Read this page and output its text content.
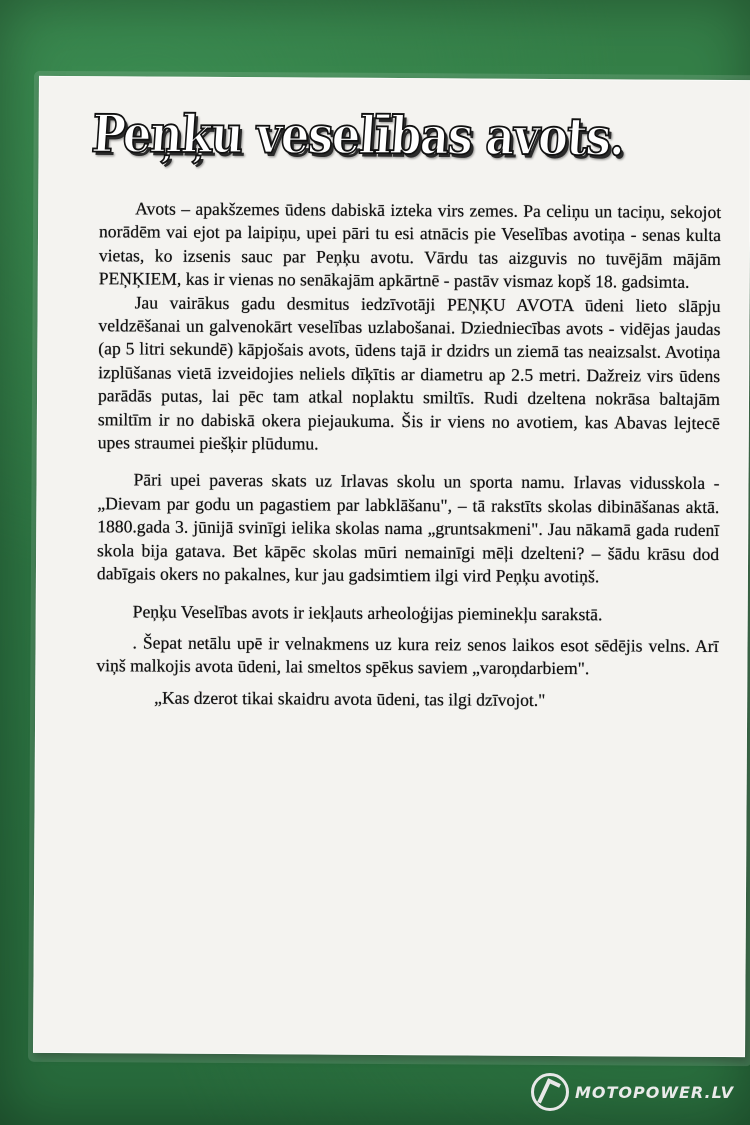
Peņķu veselības avots.

Avots – apakšzemes ūdens dabiskā izteka virs zemes. Pa celiņu un taciņu, sekojot norādēm vai ejot pa laipiņu, upei pāri tu esi atnācis pie Veselības avotiņa - senas kulta vietas, ko izsenis sauc par Peņķu avotu. Vārdu tas aizguvis no tuvējām mājām PEŅĶIEM, kas ir vienas no senākajām apkārtnē - pastāv vismaz kopš 18. gadsimta.

Jau vairākus gadu desmitus iedzīvotāji PEŅĶU AVOTA ūdeni lieto slāpju veldzēšanai un galvenokārt veselības uzlabošanai. Dziedniecības avots - vidējas jaudas (ap 5 litri sekundē) kāpjošais avots, ūdens tajā ir dzidrs un ziemā tas neaizsalst. Avotiņa izplūšanas vietā izveidojies neliels dīķītis ar diametru ap 2.5 metri. Dažreiz virs ūdens parādās putas, lai pēc tam atkal noplaktu smiltīs. Rudi dzeltena nokrāsa baltajām smiltīm ir no dabiskā okera piejaukuma. Šis ir viens no avotiem, kas Abavas lejtecē upes straumei piešķir plūdumu.

Pāri upei paveras skats uz Irlavas skolu un sporta namu. Irlavas vidusskola - „Dievam par godu un pagastiem par labklāšanu", – tā rakstīts skolas dibināšanas aktā. 1880.gada 3. jūnijā svinīgi ielika skolas nama „gruntsakmeni". Jau nākamā gada rudenī skola bija gatava. Bet kāpēc skolas mūri nemainīgi mēļi dzelteni? – šādu krāsu dod dabīgais okers no pakalnes, kur jau gadsimtiem ilgi vird Peņķu avotiņš.

Peņķu Veselības avots ir iekļauts arheoloģijas pieminekļu sarakstā.

. Šepat netālu upē ir velnakmens uz kura reiz senos laikos esot sēdējis velns. Arī viņš malkojis avota ūdeni, lai smeltos spēkus saviem „varoņdarbiem".

„Kas dzerot tikai skaidru avota ūdeni, tas ilgi dzīvojot."

MOTOPOWER.LV
